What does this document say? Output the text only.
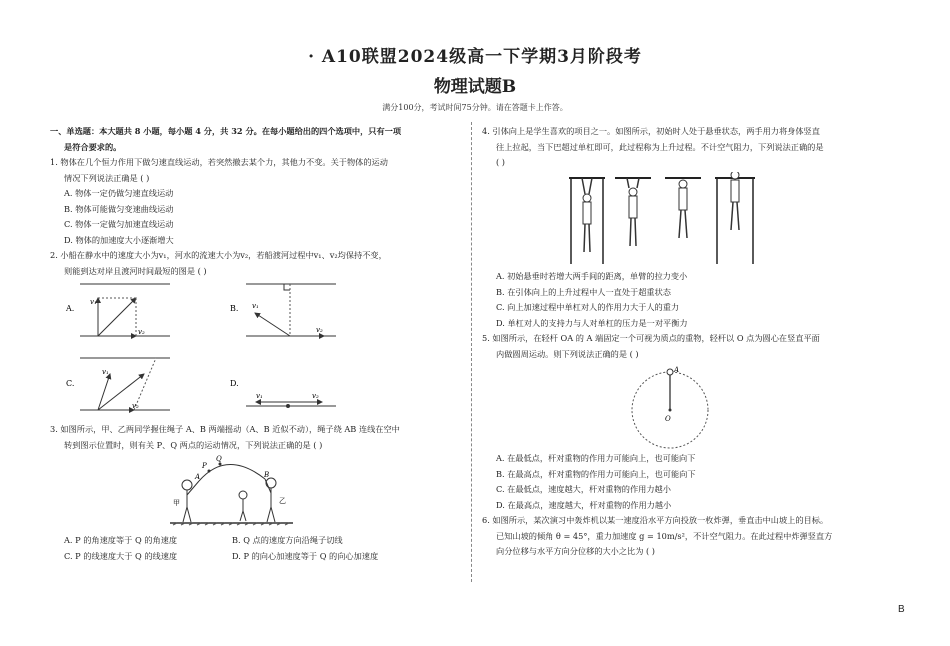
· A10联盟2024级高一下学期3月阶段考
物理试题B
满分100分，考试时间75分钟。请在答题卡上作答。

一、单选题：本大题共 8 小题，每小题 4 分，共 32 分。在每小题给出的四个选项中，只有一项

是符合要求的。

1. 物体在几个恒力作用下做匀速直线运动，若突然撤去某个力，其他力不变。关于物体的运动

情况下列说法正确是 ( )

A. 物体一定仍做匀速直线运动

B. 物体可能做匀变速曲线运动

C. 物体一定做匀加速直线运动

D. 物体的加速度大小逐渐增大

2. 小船在静水中的速度大小为v₁，河水的流速大小为v₂，若船渡河过程中v₁、v₂均保持不变，

则能到达对岸且渡河时间最短的图是 ( )

A.
v₁
v₂
B. v₁
v₂
C.
v₁
v₂
D.
v₁	v₂

3. 如图所示，甲、乙两同学握住绳子 A、B 两端摇动（A、B 近似不动），绳子绕 AB 连线在空中

转到图示位置时，则有关 P、Q 两点的运动情况，下列说法正确的是 ( )

P
Q
A	B
甲	乙

A. P 的角速度等于 Q 的角速度

C. P 的线速度大于 Q 的线速度

B. Q 点的速度方向沿绳子切线

D. P 的向心加速度等于 Q 的向心加速度

4. 引体向上是学生喜欢的项目之一。如图所示，初始时人处于悬垂状态，两手用力将身体竖直

往上拉起，当下巴超过单杠即可，此过程称为上升过程。不计空气阻力，下列说法正确的是

( )

A. 初始悬垂时若增大两手间的距离，单臂的拉力变小

B. 在引体向上的上升过程中人一直处于超重状态

C. 向上加速过程中单杠对人的作用力大于人的重力

D. 单杠对人的支持力与人对单杠的压力是一对平衡力

5. 如图所示，在轻杆 OA 的 A 端固定一个可视为质点的重物，轻杆以 O 点为圆心在竖直平面

内做圆周运动。则下列说法正确的是 ( )

A
O

A. 在最低点，杆对重物的作用力可能向上，也可能向下

B. 在最高点，杆对重物的作用力可能向上，也可能向下

C. 在最低点，速度越大，杆对重物的作用力越小

D. 在最高点，速度越大，杆对重物的作用力越小

6. 如图所示，某次演习中轰炸机以某一速度沿水平方向投放一枚炸弹，垂直击中山坡上的目标。

已知山坡的倾角 θ = 45°，重力加速度 g = 10m/s²，不计空气阻力。在此过程中炸弹竖直方

向分位移与水平方向分位移的大小之比为 ( )

B
